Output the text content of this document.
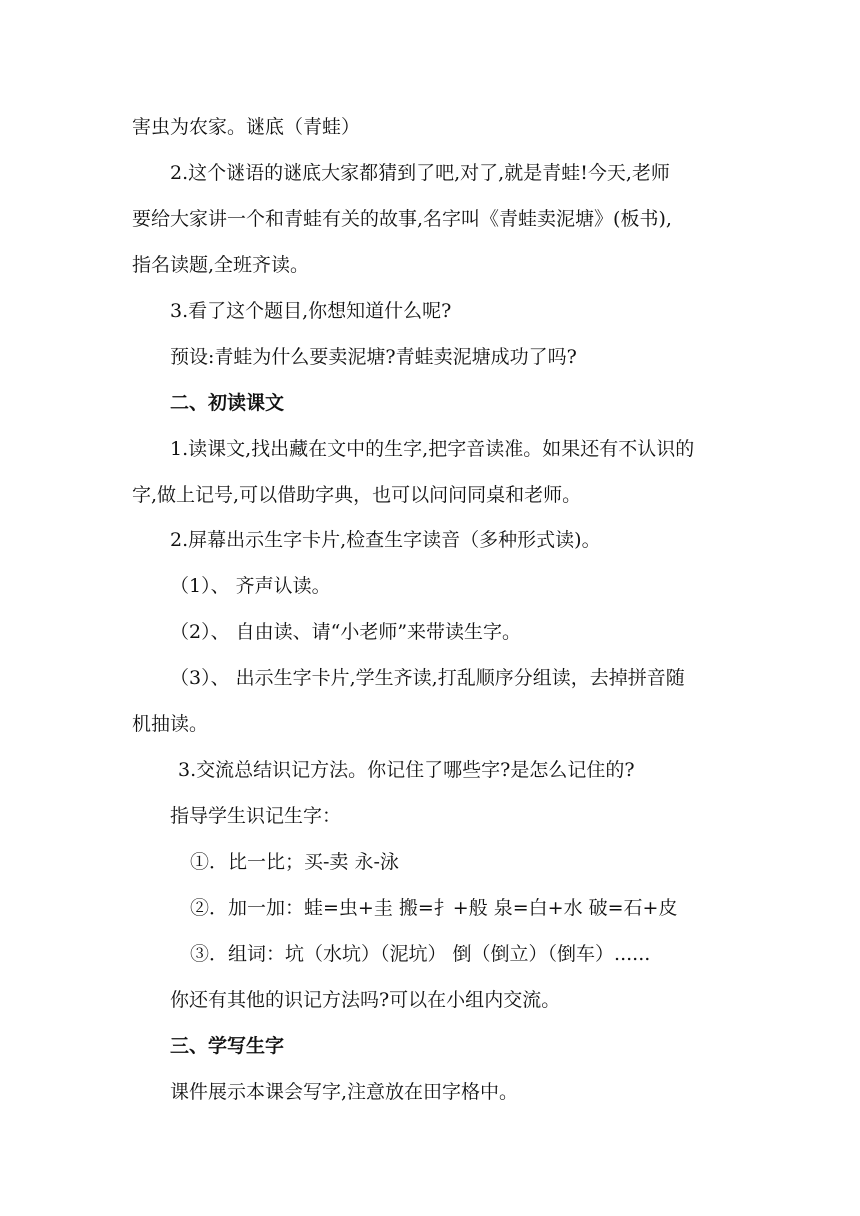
害虫为农家。谜底（青蛙）
2.这个谜语的谜底大家都猜到了吧,对了,就是青蛙!今天,老师
要给大家讲一个和青蛙有关的故事,名字叫《青蛙卖泥塘》(板书),
指名读题,全班齐读。
3.看了这个题目,你想知道什么呢?
预设:青蛙为什么要卖泥塘?青蛙卖泥塘成功了吗?
二、初读课文
1.读课文,找出藏在文中的生字,把字音读准。如果还有不认识的
字,做上记号,可以借助字典，也可以问问同桌和老师。
2.屏幕出示生字卡片,检查生字读音（多种形式读)。
（1）、 齐声认读。
（2）、 自由读、请“小老师”来带读生字。
（3）、 出示生字卡片,学生齐读,打乱顺序分组读，去掉拼音随
机抽读。
3.交流总结识记方法。你记住了哪些字?是怎么记住的?
指导学生识记生字：
①．比一比；买-卖 永-泳
②．加一加：蛙=虫+圭 搬=扌+般 泉=白+水 破=石+皮
③．组词：坑（水坑）（泥坑） 倒（倒立）（倒车）......
你还有其他的识记方法吗?可以在小组内交流。
三、学写生字
课件展示本课会写字,注意放在田字格中。
